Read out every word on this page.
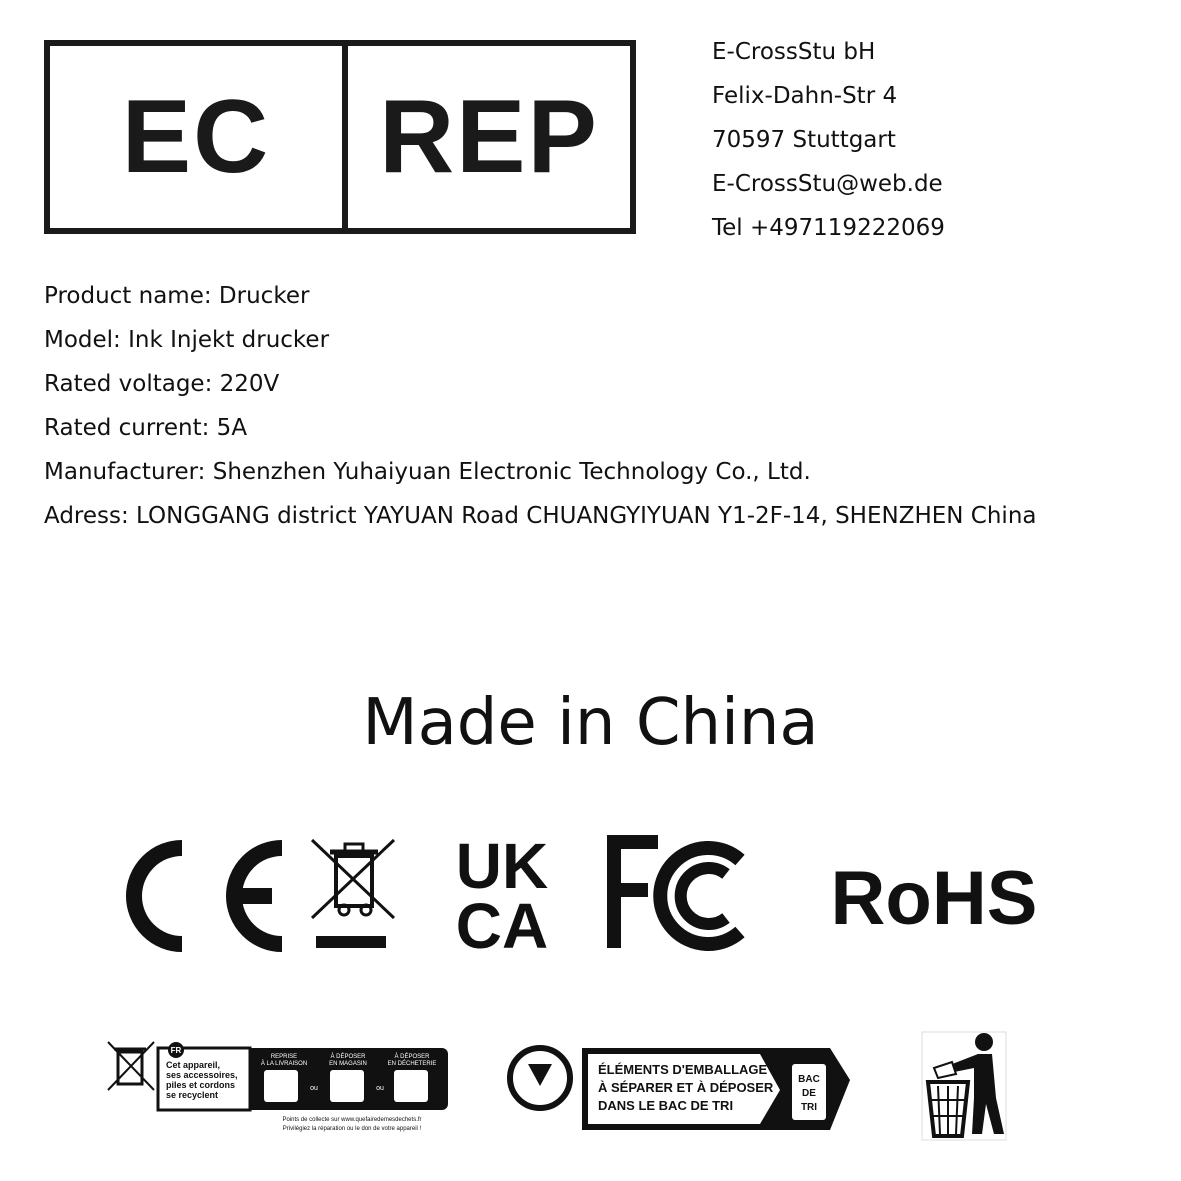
EC	REP
E-CrossStu bH
Felix-Dahn-Str 4
70597 Stuttgart
E-CrossStu@web.de
Tel +497119222069
Product name: Drucker
Model: Ink Injekt drucker
Rated voltage: 220V
Rated current: 5A
Manufacturer: Shenzhen Yuhaiyuan Electronic Technology Co., Ltd.
Adress: LONGGANG district YAYUAN Road CHUANGYIYUAN Y1-2F-14, SHENZHEN China
Made in China
UK
CA	RoHS
FR
Cet appareil,
ses accessoires,
piles et cordons
se recyclent
REPRISE
À LA LIVRAISON
À DÉPOSER
EN MAGASIN
À DÉPOSER
EN DÉCHETERIE
ou	ou
Points de collecte sur www.quefairedemesdechets.fr
Privilégiez la réparation ou le don de votre appareil !
ÉLÉMENTS D'EMBALLAGE
À SÉPARER ET À DÉPOSER
DANS LE BAC DE TRI
BAC
DE
TRI
